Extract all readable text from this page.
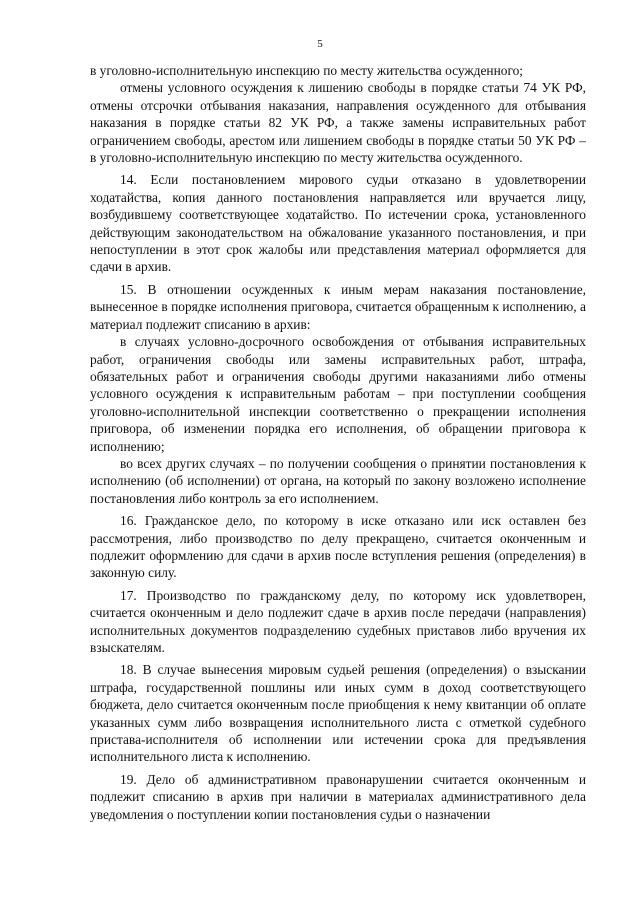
5

в уголовно-исполнительную инспекцию по месту жительства осужденного;

отмены условного осуждения к лишению свободы в порядке статьи 74 УК РФ, отмены отсрочки отбывания наказания, направления осужденного для отбывания наказания в порядке статьи 82 УК РФ, а также замены исправительных работ ограничением свободы, арестом или лишением свободы в порядке статьи 50 УК РФ – в уголовно-исполнительную инспекцию по месту жительства осужденного.

14. Если постановлением мирового судьи отказано в удовлетворении ходатайства, копия данного постановления направляется или вручается лицу, возбудившему соответствующее ходатайство. По истечении срока, установленного действующим законодательством на обжалование указанного постановления, и при непоступлении в этот срок жалобы или представления материал оформляется для сдачи в архив.

15. В отношении осужденных к иным мерам наказания постановление, вынесенное в порядке исполнения приговора, считается обращенным к исполнению, а материал подлежит списанию в архив:

в случаях условно-досрочного освобождения от отбывания исправительных работ, ограничения свободы или замены исправительных работ, штрафа, обязательных работ и ограничения свободы другими наказаниями либо отмены условного осуждения к исправительным работам – при поступлении сообщения уголовно-исполнительной инспекции соответственно о прекращении исполнения приговора, об изменении порядка его исполнения, об обращении приговора к исполнению;

во всех других случаях – по получении сообщения о принятии постановления к исполнению (об исполнении) от органа, на который по закону возложено исполнение постановления либо контроль за его исполнением.

16. Гражданское дело, по которому в иске отказано или иск оставлен без рассмотрения, либо производство по делу прекращено, считается оконченным и подлежит оформлению для сдачи в архив после вступления решения (определения) в законную силу.

17. Производство по гражданскому делу, по которому иск удовлетворен, считается оконченным и дело подлежит сдаче в архив после передачи (направления) исполнительных документов подразделению судебных приставов либо вручения их взыскателям.

18. В случае вынесения мировым судьей решения (определения) о взыскании штрафа, государственной пошлины или иных сумм в доход соответствующего бюджета, дело считается оконченным после приобщения к нему квитанции об оплате указанных сумм либо возвращения исполнительного листа с отметкой судебного пристава-исполнителя об исполнении или истечении срока для предъявления исполнительного листа к исполнению.

19. Дело об административном правонарушении считается оконченным и подлежит списанию в архив при наличии в материалах административного дела уведомления о поступлении копии постановления судьи о назначении
